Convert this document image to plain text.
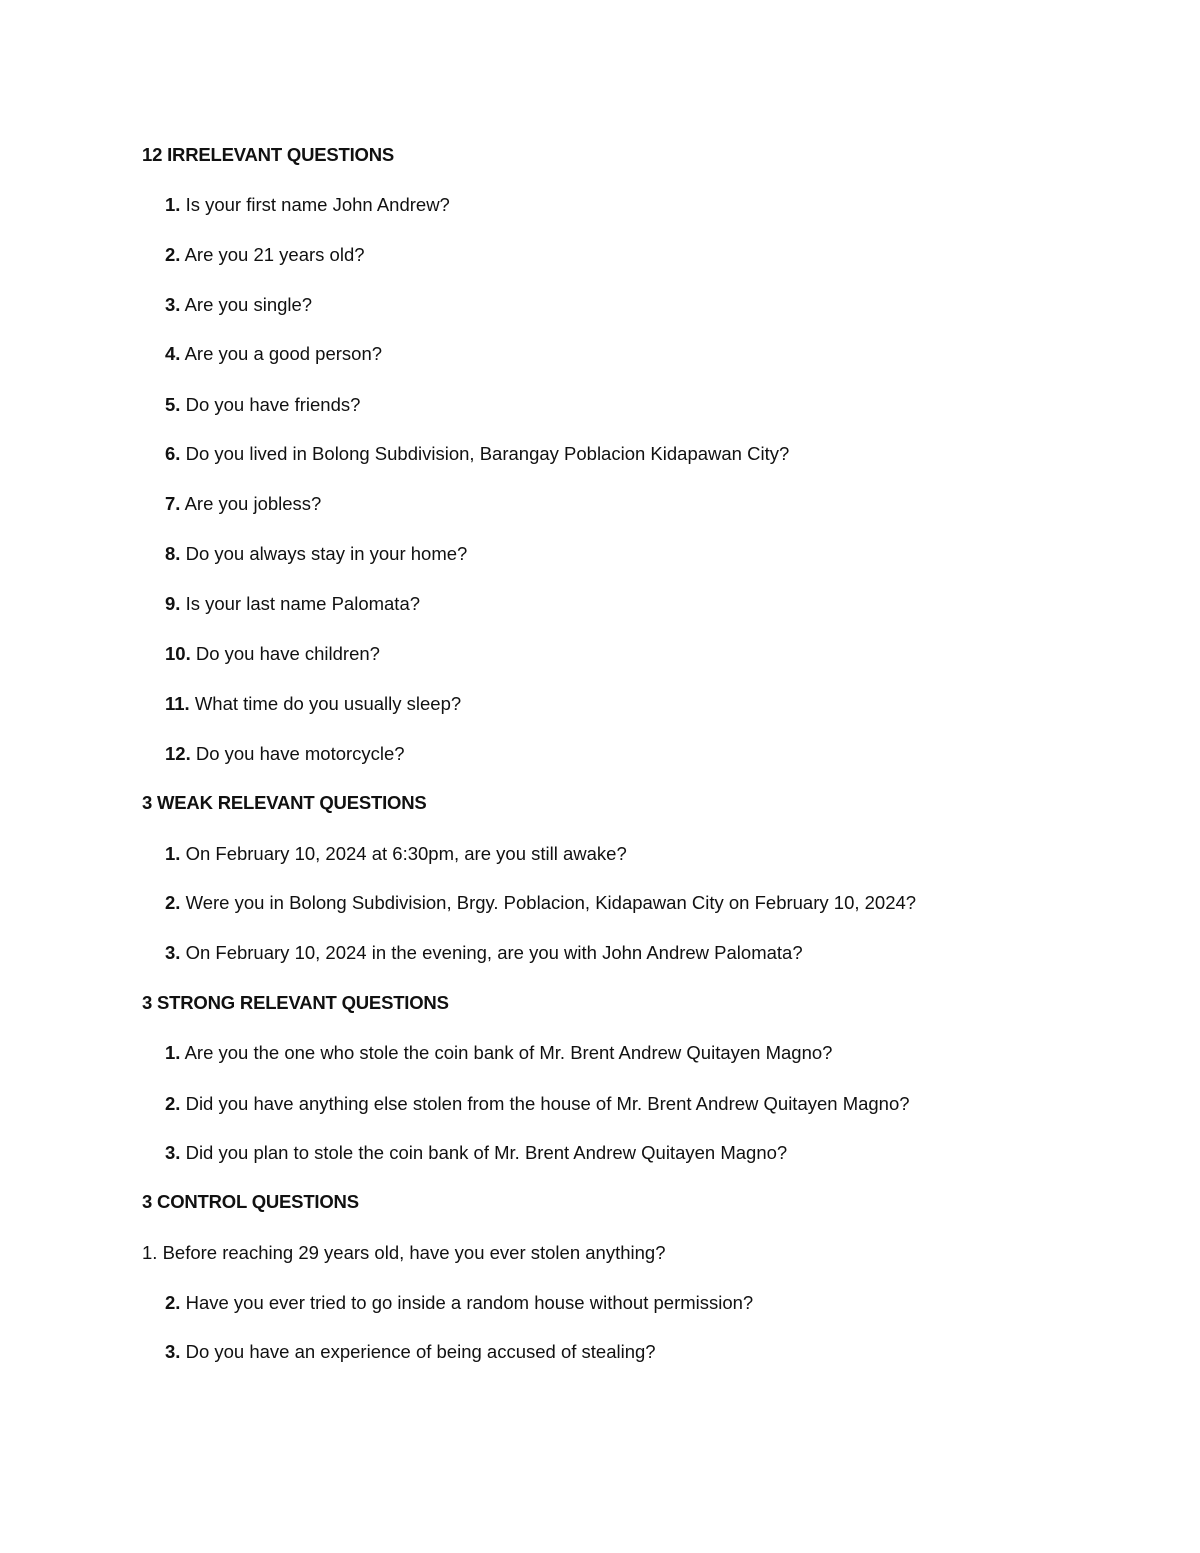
12 IRRELEVANT QUESTIONS
1. Is your first name John Andrew?
2. Are you 21 years old?
3. Are you single?
4. Are you a good person?
5. Do you have friends?
6. Do you lived in Bolong Subdivision, Barangay Poblacion Kidapawan City?
7. Are you jobless?
8. Do you always stay in your home?
9. Is your last name Palomata?
10. Do you have children?
11. What time do you usually sleep?
12. Do you have motorcycle?
3 WEAK RELEVANT QUESTIONS
1. On February 10, 2024 at 6:30pm, are you still awake?
2. Were you in Bolong Subdivision, Brgy. Poblacion, Kidapawan City on February 10, 2024?
3. On February 10, 2024 in the evening, are you with John Andrew Palomata?
3 STRONG RELEVANT QUESTIONS
1. Are you the one who stole the coin bank of Mr. Brent Andrew Quitayen Magno?
2. Did you have anything else stolen from the house of Mr. Brent Andrew Quitayen Magno?
3. Did you plan to stole the coin bank of Mr. Brent Andrew Quitayen Magno?
3 CONTROL QUESTIONS
1. Before reaching 29 years old, have you ever stolen anything?
2. Have you ever tried to go inside a random house without permission?
3. Do you have an experience of being accused of stealing?
